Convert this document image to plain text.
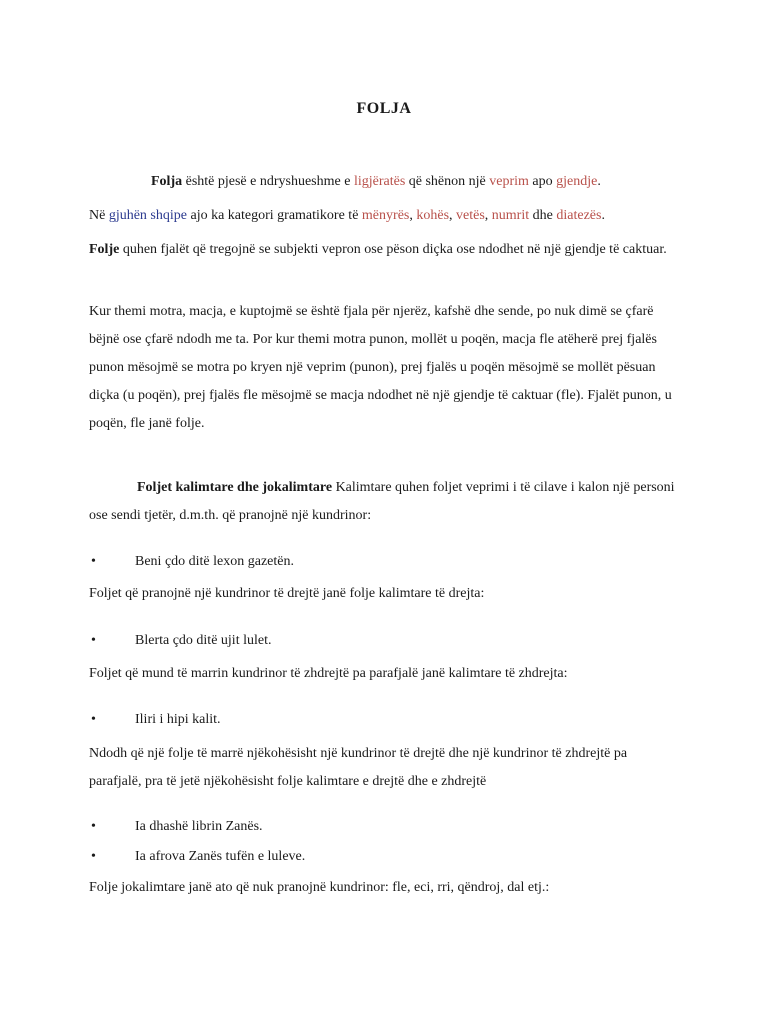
FOLJA

Folja është pjesë e ndryshueshme e ligjëratës që shënon një veprim apo gjendje.

Në gjuhën shqipe ajo ka kategori gramatikore të mënyrës, kohës, vetës, numrit dhe diatezës.

Folje quhen fjalët që tregojnë se subjekti vepron ose pëson diçka ose ndodhet në një gjendje të caktuar.

Kur themi motra, macja, e kuptojmë se është fjala për njerëz, kafshë dhe sende, po nuk dimë se çfarë bëjnë ose çfarë ndodh me ta. Por kur themi motra punon, mollët u poqën, macja fle atëherë prej fjalës punon mësojmë se motra po kryen një veprim (punon), prej fjalës u poqën mësojmë se mollët pësuan diçka (u poqën), prej fjalës fle mësojmë se macja ndodhet në një gjendje të caktuar (fle). Fjalët punon, u poqën, fle janë folje.

Foljet kalimtare dhe jokalimtare Kalimtare quhen foljet veprimi i të cilave i kalon një personi ose sendi tjetër, d.m.th. që pranojnë një kundrinor:

•	Beni çdo ditë lexon gazetën.

Foljet që pranojnë një kundrinor të drejtë janë folje kalimtare të drejta:

•	Blerta çdo ditë ujit lulet.

Foljet që mund të marrin kundrinor të zhdrejtë pa parafjalë janë kalimtare të zhdrejta:

•	Iliri i hipi kalit.

Ndodh që një folje të marrë njëkohësisht një kundrinor të drejtë dhe një kundrinor të zhdrejtë pa parafjalë, pra të jetë njëkohësisht folje kalimtare e drejtë dhe e zhdrejtë

•	Ia dhashë librin Zanës.
•	Ia afrova Zanës tufën e luleve.

Folje jokalimtare janë ato që nuk pranojnë kundrinor: fle, eci, rri, qëndroj, dal etj.:
